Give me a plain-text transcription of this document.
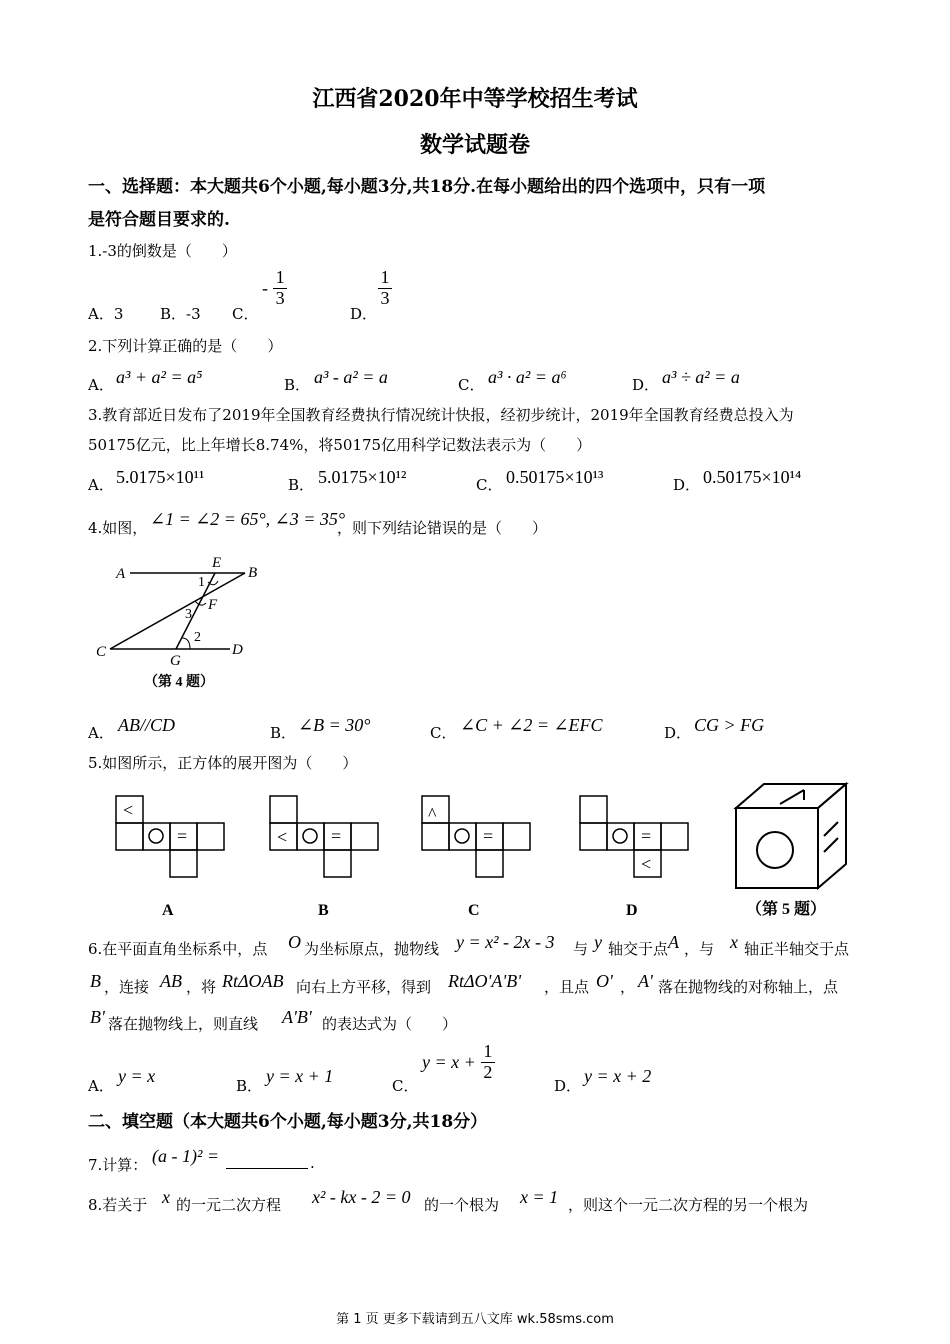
江西省2020年中等学校招生考试
数学试题卷
一、选择题：本大题共6个小题,每小题3分,共18分.在每小题给出的四个选项中，只有一项
是符合题目要求的.
1.-3的倒数是（　　）
A．3 B．-3 C．
- $\frac{1}{3}$
D．
$\frac{1}{3}$
2.下列计算正确的是（　　）
A． a³ + a² = a⁵	B． a³ - a² = a	C． a³ · a² = a⁶	D． a³ ÷ a² = a
3.教育部近日发布了2019年全国教育经费执行情况统计快报，经初步统计，2019年全国教育经费总投入为
50175亿元，比上年增长8.74%，将50175亿用科学记数法表示为（　　）
A． 5.0175×10¹¹	B． 5.0175×10¹²	C． 0.50175×10¹³	D． 0.50175×10¹⁴
4.如图， ∠1 = ∠2 = 65°, ∠3 = 35°
，则下列结论错误的是（　　）
A	B
C	D
E
F
G
1
2
3
（第 4 题）
A． AB//CD	B． ∠B = 30°	C． ∠C + ∠2 = ∠EFC	D． CG > FG
5.如图所示，正方体的展开图为（　　）
<
=
A
< =
B
^
=
C
=
<
D	（第 5 题）
6.在平面直角坐标系中，点 O 为坐标原点，抛物线 y = x² - 2x - 3 与 y 轴交于点 A ，与 x 轴正半轴交于点
B ，连接 AB ，将 RtΔOAB 向右上方平移，得到 RtΔO'A'B' ，且点 O' ， A' 落在抛物线的对称轴上，点
B' 落在抛物线上，则直线 A'B' 的表达式为（　　）
A． y = x	B． y = x + 1	C．
$y = x + \frac{1}{2}$
D． y = x + 2
二、填空题（本大题共6个小题,每小题3分,共18分）
7.计算： (a - 1)² =	.
8.若关于 x 的一元二次方程 x² - kx - 2 = 0 的一个根为 x = 1 ，则这个一元二次方程的另一个根为
第 1 页 更多下载请到五八文库 wk.58sms.com
